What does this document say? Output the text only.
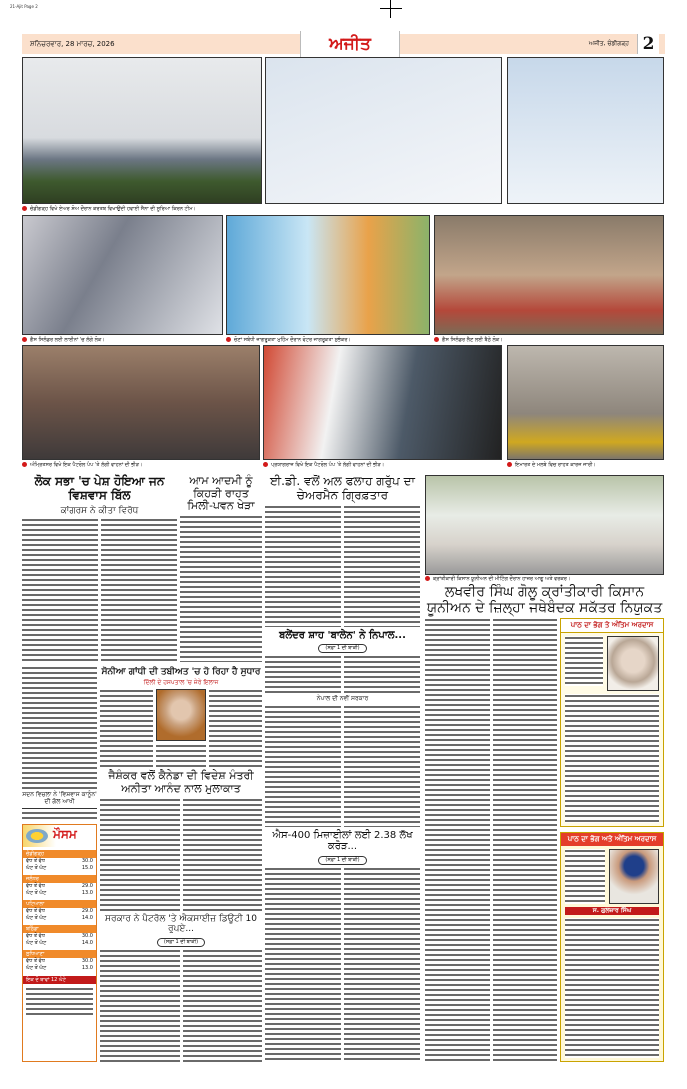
21-Ajit Page 2
ਸ਼ਨਿਚਰਵਾਰ, 28 ਮਾਰਚ, 2026	ਅਜੀਤ	ਅਜੀਤ, ਚੰਡੀਗੜ੍ਹ 2
ਚੰਡੀਗੜ੍ਹ ਵਿਖੇ ਏਅਰ ਸ਼ੋਅ ਦੌਰਾਨ ਕਰਤਬ ਵਿਖਾਉਂਦੀ ਹਵਾਈ ਸੈਨਾ ਦੀ ਸੂਰਿਆ ਕਿਰਨ ਟੀਮ।
ਗੈਸ ਸਿਲੰਡਰ ਲਈ ਲਾਈਨਾਂ 'ਚ ਲੱਗੇ ਲੋਕ।	ਚੋਣਾਂ ਸਬੰਧੀ ਜਾਗਰੂਕਤਾ ਮੁਹਿੰਮ ਦੌਰਾਨ ਵੋਟਰ ਜਾਗਰੂਕਤਾ ਸ਼ੁਭੰਕਰ।	ਗੈਸ ਸਿਲੰਡਰ ਲੈਣ ਲਈ ਬੈਠੇ ਲੋਕ।
ਅੰਮ੍ਰਿਤਸਰ ਵਿਖੇ ਇਕ ਪੈਟਰੋਲ ਪੰਪ 'ਤੇ ਲੱਗੀ ਵਾਹਨਾਂ ਦੀ ਭੀੜ।	ਪ੍ਰਯਾਗਰਾਜ ਵਿਖੇ ਇਕ ਪੈਟਰੋਲ ਪੰਪ 'ਤੇ ਲੱਗੀ ਵਾਹਨਾਂ ਦੀ ਭੀੜ।	ਇਮਾਰਤ ਦੇ ਮਲਬੇ ਵਿਚ ਰਾਹਤ ਕਾਰਜ ਜਾਰੀ।
ਲੋਕ ਸਭਾ 'ਚ ਪੇਸ਼ ਹੋਇਆ ਜਨ ਵਿਸ਼ਵਾਸ ਬਿੱਲ
ਕਾਂਗਰਸ ਨੇ ਕੀਤਾ ਵਿਰੋਧ
ਆਮ ਆਦਮੀ ਨੂੰ ਕਿਹੜੀ ਰਾਹਤ ਮਿਲੀ-ਪਵਨ ਖੇੜਾ
ਸਦਨ ਵਿਚਲਾ ਨੇ 'ਵਿਸ਼ਵਾਸ ਕਾਨੂੰਨ' ਦੀ ਗੱਲ ਆਖੀ
ਮੌਸਮ
ਚੰਡੀਗੜ੍ਹ
ਵੱਧ ਤੋਂ ਵੱਧ	30.0
ਘੱਟ ਤੋਂ ਘੱਟ	15.0
ਜਲੰਧਰ
ਵੱਧ ਤੋਂ ਵੱਧ	29.0
ਘੱਟ ਤੋਂ ਘੱਟ	13.0
ਪਟਿਆਲਾ
ਵੱਧ ਤੋਂ ਵੱਧ	29.0
ਘੱਟ ਤੋਂ ਘੱਟ	14.0
ਬਠਿੰਡਾ
ਵੱਧ ਤੋਂ ਵੱਧ	30.0
ਘੱਟ ਤੋਂ ਘੱਟ	14.0
ਲੁਧਿਆਣਾ
ਵੱਧ ਤੋਂ ਵੱਧ	30.0
ਘੱਟ ਤੋਂ ਘੱਟ	13.0
ਇਕ ਦੋ ਥਾਵਾਂ 12 ਘੰਟੇ
ਸੋਨੀਆ ਗਾਂਧੀ ਦੀ ਤਬੀਅਤ 'ਚ ਹੋ ਰਿਹਾ ਹੈ ਸੁਧਾਰ
ਦਿੱਲੀ ਦੇ ਹਸਪਤਾਲ 'ਚ ਜ਼ੇਰੇ ਇਲਾਜ
ਜੈਸ਼ੰਕਰ ਵਲੋਂ ਕੈਨੇਡਾ ਦੀ ਵਿਦੇਸ਼ ਮੰਤਰੀ ਅਨੀਤਾ ਆਨੰਦ ਨਾਲ ਮੁਲਾਕਾਤ
ਸਰਕਾਰ ਨੇ ਪੈਟਰੋਲ 'ਤੇ ਐਕਸਾਈਜ਼ ਡਿਊਟੀ 10 ਰੁਪਏ...
(ਸਫ਼ਾ 1 ਦੀ ਬਾਕੀ)
ਈ.ਡੀ. ਵਲੋਂ ਅਲ ਫਲਾਹ ਗਰੁੱਪ ਦਾ ਚੇਅਰਮੈਨ ਗ੍ਰਿਫ਼ਤਾਰ
ਬਲੇਂਦਰ ਸ਼ਾਹ 'ਬਾਲੇਨ' ਨੇ ਨਿਪਾਲ...
(ਸਫ਼ਾ 1 ਦੀ ਬਾਕੀ)
ਨੇਪਾਲ ਦੀ ਨਵੀਂ ਸਰਕਾਰ
ਐਸ-400 ਮਿਜ਼ਾਈਲਾਂ ਲਈ 2.38 ਲੱਖ ਕਰੋੜ...
(ਸਫ਼ਾ 1 ਦੀ ਬਾਕੀ)
ਕ੍ਰਾਂਤੀਕਾਰੀ ਕਿਸਾਨ ਯੂਨੀਅਨ ਦੀ ਮੀਟਿੰਗ ਦੌਰਾਨ ਹਾਜ਼ਰ ਆਗੂ ਅਤੇ ਵਰਕਰ।
ਲਖਵੀਰ ਸਿੰਘ ਗੋਲੂ ਕ੍ਰਾਂਤੀਕਾਰੀ ਕਿਸਾਨ ਯੂਨੀਅਨ ਦੇ ਜ਼ਿਲ੍ਹਾ ਜਥੇਬੰਦਕ ਸਕੱਤਰ ਨਿਯੁਕਤ
ਪਾਠ ਦਾ ਭੋਗ ਤੇ ਅੰਤਿਮ ਅਰਦਾਸ
ਪਾਠ ਦਾ ਭੋਗ ਅਤੇ ਅੰਤਿਮ ਅਰਦਾਸ
ਸ. ਗੁਲਜ਼ਾਰ ਸਿੰਘ
